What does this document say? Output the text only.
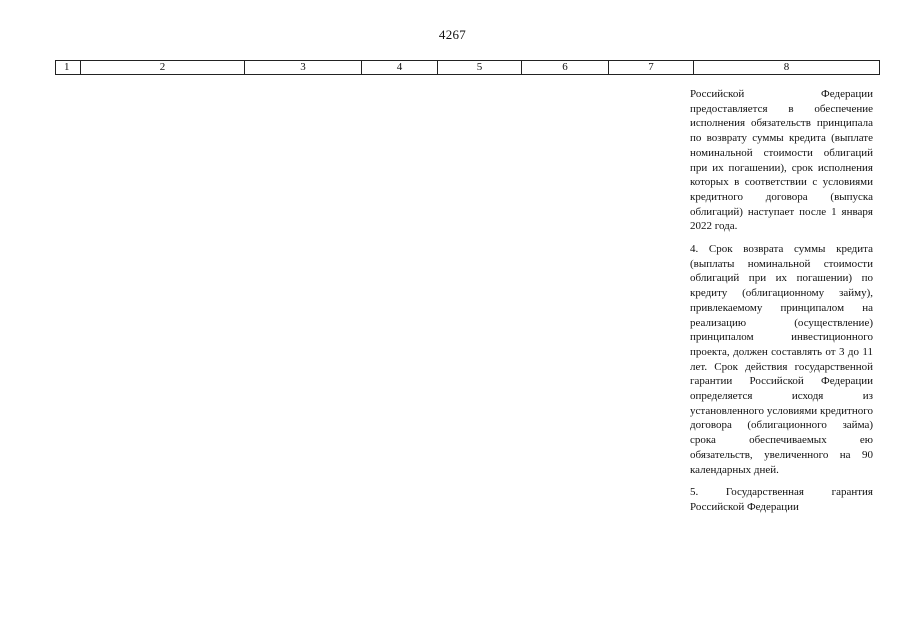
4267
1	2	3	4	5	6	7	8

Российской Федерации предоставляется в обеспечение исполнения обязательств принципала по возврату суммы кредита (выплате номинальной стоимости облигаций при их погашении), срок исполнения которых в соответствии с условиями кредитного договора (выпуска облигаций) наступает после 1 января 2022 года.

4. Срок возврата суммы кредита (выплаты номинальной стоимости облигаций при их погашении) по кредиту (облигационному займу), привлекаемому принципалом на реализацию (осуществление) принципалом инвестиционного проекта, должен составлять от 3 до 11 лет. Срок действия государственной гарантии Российской Федерации определяется исходя из установленного условиями кредитного договора (облигационного займа) срока обеспечиваемых ею обязательств, увеличенного на 90 календарных дней.

5. Государственная гарантия Российской Федерации
